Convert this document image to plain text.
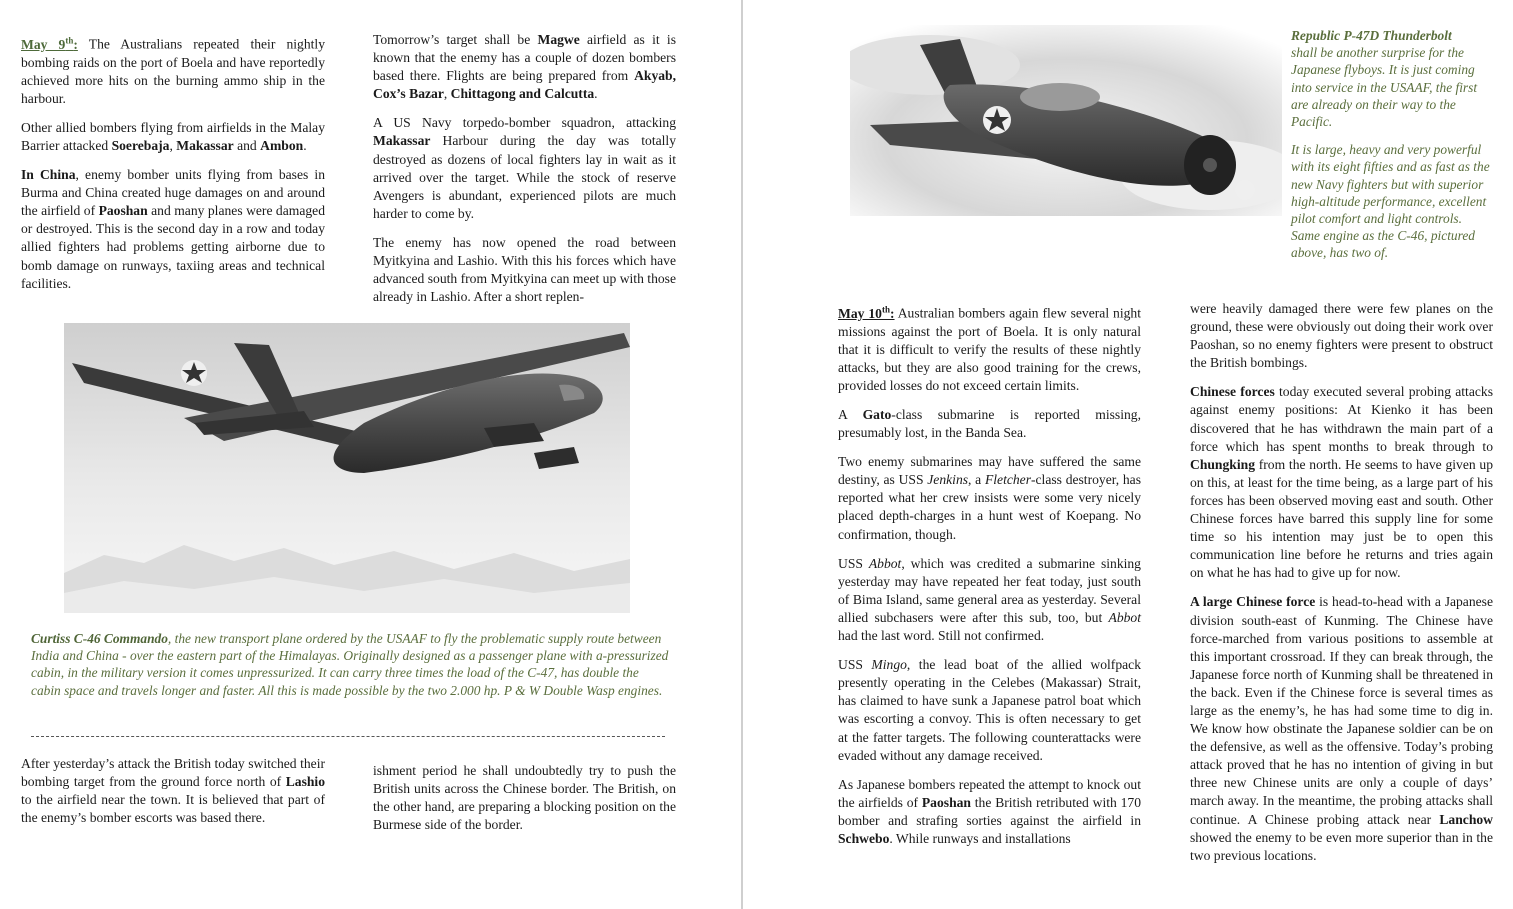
May 9th: The Australians repeated their nightly bombing raids on the port of Boela and have reportedly achieved more hits on the burning ammo ship in the harbour.

Other allied bombers flying from airfields in the Malay Barrier attacked Soerebaja, Makassar and Ambon.

In China, enemy bomber units flying from bases in Burma and China created huge damages on and around the airfield of Paoshan and many planes were damaged or destroyed. This is the second day in a row and today allied fighters had problems getting airborne due to bomb damage on runways, taxiing areas and technical facilities.

Tomorrow’s target shall be Magwe airfield as it is known that the enemy has a couple of dozen bombers based there. Flights are being prepared from Akyab, Cox’s Bazar, Chittagong and Calcutta.

A US Navy torpedo-bomber squadron, attacking Makassar Harbour during the day was totally destroyed as dozens of local fighters lay in wait as it arrived over the target. While the stock of reserve Avengers is abundant, experienced pilots are much harder to come by.

The enemy has now opened the road between Myitkyina and Lashio. With this his forces which have advanced south from Myitkyina can meet up with those already in Lashio. After a short replen-

Curtiss C-46 Commando, the new transport plane ordered by the USAAF to fly the problematic supply route between India and China - over the eastern part of the Himalayas. Originally designed as a passenger plane with a-pressurized cabin, in the military version it comes unpressurized. It can carry three times the load of the C-47, has double the cabin space and travels longer and faster. All this is made possible by the two 2.000 hp. P & W Double Wasp engines.

After yesterday’s attack the British today switched their bombing target from the ground force north of Lashio to the airfield near the town. It is believed that part of the enemy’s bomber escorts was based there.

ishment period he shall undoubtedly try to push the British units across the Chinese border. The British, on the other hand, are preparing a blocking position on the Burmese side of the border.

Republic P-47D Thunderbolt
shall be another surprise for the Japanese flyboys. It is just coming into service in the USAAF, the first are already on their way to the Pacific.
It is large, heavy and very powerful with its eight fifties and as fast as the new Navy fighters but with superior high-altitude performance, excellent pilot comfort and light controls. Same engine as the C-46, pictured above, has two of.

May 10th: Australian bombers again flew several night missions against the port of Boela. It is only natural that it is difficult to verify the results of these nightly attacks, but they are also good training for the crews, provided losses do not exceed certain limits.

A Gato-class submarine is reported missing, presumably lost, in the Banda Sea.

Two enemy submarines may have suffered the same destiny, as USS Jenkins, a Fletcher-class destroyer, has reported what her crew insists were some very nicely placed depth-charges in a hunt west of Koepang. No confirmation, though.

USS Abbot, which was credited a submarine sinking yesterday may have repeated her feat today, just south of Bima Island, same general area as yesterday. Several allied subchasers were after this sub, too, but Abbot had the last word. Still not confirmed.

USS Mingo, the lead boat of the allied wolfpack presently operating in the Celebes (Makassar) Strait, has claimed to have sunk a Japanese patrol boat which was escorting a convoy. This is often necessary to get at the fatter targets. The following counterattacks were evaded without any damage received.

As Japanese bombers repeated the attempt to knock out the airfields of Paoshan the British retributed with 170 bomber and strafing sorties against the airfield in Schwebo. While runways and installations

were heavily damaged there were few planes on the ground, these were obviously out doing their work over Paoshan, so no enemy fighters were present to obstruct the British bombings.

Chinese forces today executed several probing attacks against enemy positions: At Kienko it has been discovered that he has withdrawn the main part of a force which has spent months to break through to Chungking from the north. He seems to have given up on this, at least for the time being, as a large part of his forces has been observed moving east and south. Other Chinese forces have barred this supply line for some time so his intention may just be to open this communication line before he returns and tries again on what he has had to give up for now.

A large Chinese force is head-to-head with a Japanese division south-east of Kunming. The Chinese have force-marched from various positions to assemble at this important crossroad. If they can break through, the Japanese force north of Kunming shall be threatened in the back. Even if the Chinese force is several times as large as the enemy’s, he has had some time to dig in. We know how obstinate the Japanese soldier can be on the defensive, as well as the offensive. Today’s probing attack proved that he has no intention of giving in but three new Chinese units are only a couple of days’ march away. In the meantime, the probing attacks shall continue. A Chinese probing attack near Lanchow showed the enemy to be even more superior than in the two previous locations.
